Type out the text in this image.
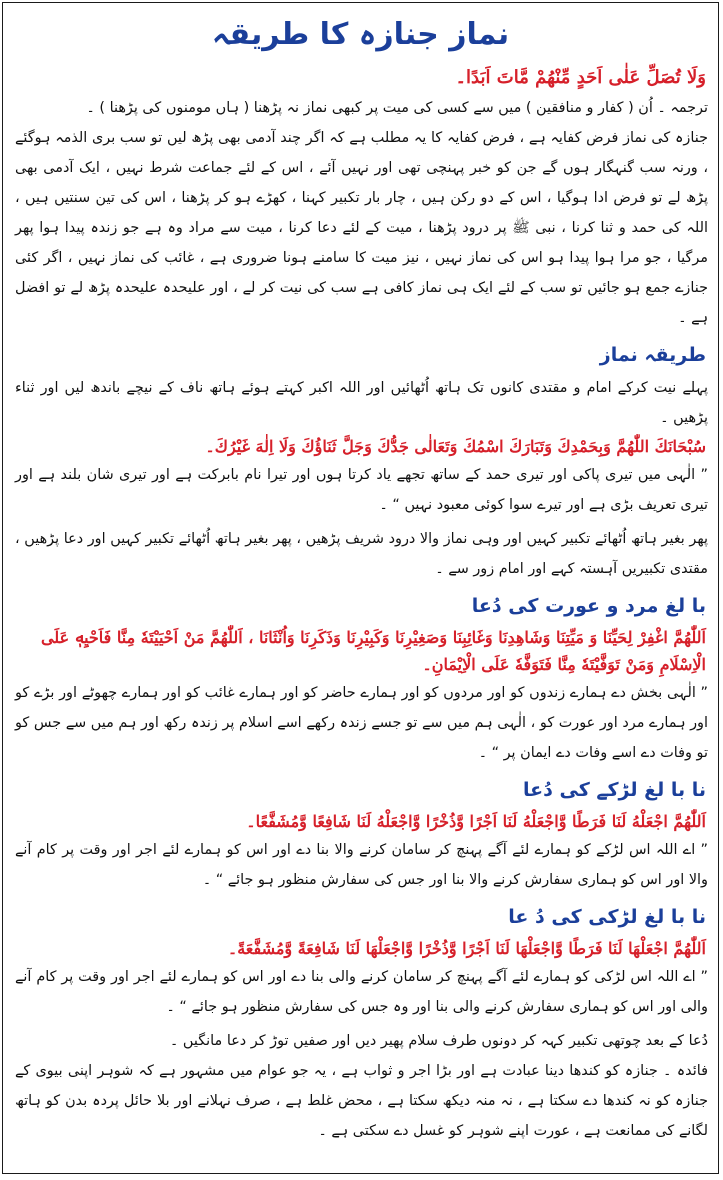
نماز جنازہ کا طریقہ

وَلَا تُصَلِّ عَلٰی اَحَدٍ مِّنْهُمْ مَّاتَ اَبَدًا۔

ترجمہ ۔ اُن ( کفار و منافقین ) میں سے کسی کی میت پر کبھی نماز نہ پڑھنا ( ہاں مومنوں کی پڑھنا ) ۔

جنازہ کی نماز فرض کفایہ ہے ، فرض کفایہ کا یہ مطلب ہے کہ اگر چند آدمی بھی پڑھ لیں تو سب بری الذمہ ہوگئے ، ورنہ سب گنہگار ہوں گے جن کو خبر پہنچی تھی اور نہیں آئے ، اس کے لئے جماعت شرط نہیں ، ایک آدمی بھی پڑھ لے تو فرض ادا ہوگیا ، اس کے دو رکن ہیں ، چار بار تکبیر کہنا ، کھڑے ہو کر پڑھنا ، اس کی تین سنتیں ہیں ، اللہ کی حمد و ثنا کرنا ، نبی ﷺ پر درود پڑھنا ، میت کے لئے دعا کرنا ، میت سے مراد وہ ہے جو زندہ پیدا ہوا پھر مرگیا ، جو مرا ہوا پیدا ہو اس کی نماز نہیں ، نیز میت کا سامنے ہونا ضروری ہے ، غائب کی نماز نہیں ، اگر کئی جنازے جمع ہو جائیں تو سب کے لئے ایک ہی نماز کافی ہے سب کی نیت کر لے ، اور علیحدہ علیحدہ پڑھ لے تو افضل ہے ۔

طریقہ نماز

پہلے نیت کرکے امام و مقتدی کانوں تک ہاتھ اُٹھائیں اور اللہ اکبر کہتے ہوئے ہاتھ ناف کے نیچے باندھ لیں اور ثناء پڑھیں ۔

سُبْحَانَكَ اللّٰهُمَّ وَبِحَمْدِكَ وَتَبَارَكَ اسْمُكَ وَتَعَالٰی جَدُّكَ وَجَلَّ ثَنَاؤُكَ وَلَا اِلٰهَ غَيْرُكَ۔

” الٰہی میں تیری پاکی اور تیری حمد کے ساتھ تجھے یاد کرتا ہوں اور تیرا نام بابرکت ہے اور تیری شان بلند ہے اور تیری تعریف بڑی ہے اور تیرے سوا کوئی معبود نہیں “ ۔

پھر بغیر ہاتھ اُٹھائے تکبیر کہیں اور وہی نماز والا درود شریف پڑھیں ، پھر بغیر ہاتھ اُٹھائے تکبیر کہیں اور دعا پڑھیں ، مقتدی تکبیریں آہستہ کہے اور امام زور سے ۔

با لغ مرد و عورت کی دُعا

اَللّٰهُمَّ اغْفِرْ لِحَيِّنَا وَ مَيِّتِنَا وَشَاهِدِنَا وَغَائِبِنَا وَصَغِيْرِنَا وَكَبِيْرِنَا وَذَكَرِنَا وَاُنْثَانَا ، اَللّٰهُمَّ مَنْ اَحْيَيْتَهٗ مِنَّا فَاَحْيِهٖ عَلَی الْاِسْلَامِ وَمَنْ تَوَفَّيْتَهٗ مِنَّا فَتَوَفَّهٗ عَلَی الْاِيْمَانِ۔

” الٰہی بخش دے ہمارے زندوں کو اور مردوں کو اور ہمارے حاضر کو اور ہمارے غائب کو اور ہمارے چھوٹے اور بڑے کو اور ہمارے مرد اور عورت کو ، الٰہی ہم میں سے تو جسے زندہ رکھے اسے اسلام پر زندہ رکھ اور ہم میں سے جس کو تو وفات دے اسے وفات دے ایمان پر “ ۔

نا با لغ لڑکے کی دُعا

اَللّٰهُمَّ اجْعَلْهُ لَنَا فَرَطًا وَّاجْعَلْهُ لَنَا اَجْرًا وَّذُخْرًا وَّاجْعَلْهُ لَنَا شَافِعًا وَّمُشَفَّعًا۔

” اے اللہ اس لڑکے کو ہمارے لئے آگے پہنچ کر سامان کرنے والا بنا دے اور اس کو ہمارے لئے اجر اور وقت پر کام آنے والا اور اس کو ہماری سفارش کرنے والا بنا اور جس کی سفارش منظور ہو جائے “ ۔

نا با لغ لڑکی کی دُ عا

اَللّٰهُمَّ اجْعَلْهَا لَنَا فَرَطًا وَّاجْعَلْهَا لَنَا اَجْرًا وَّذُخْرًا وَّاجْعَلْهَا لَنَا شَافِعَةً وَّمُشَفَّعَةً۔

” اے اللہ اس لڑکی کو ہمارے لئے آگے پہنچ کر سامان کرنے والی بنا دے اور اس کو ہمارے لئے اجر اور وقت پر کام آنے والی اور اس کو ہماری سفارش کرنے والی بنا اور وہ جس کی سفارش منظور ہو جائے “ ۔

دُعا کے بعد چوتھی تکبیر کہہ کر دونوں طرف سلام پھیر دیں اور صفیں توڑ کر دعا مانگیں ۔

فائدہ ۔ جنازہ کو کندھا دینا عبادت ہے اور بڑا اجر و ثواب ہے ، یہ جو عوام میں مشہور ہے کہ شوہر اپنی بیوی کے جنازہ کو نہ کندھا دے سکتا ہے ، نہ منہ دیکھ سکتا ہے ، محض غلط ہے ، صرف نہلانے اور بلا حائل پردہ بدن کو ہاتھ لگانے کی ممانعت ہے ، عورت اپنے شوہر کو غسل دے سکتی ہے ۔
